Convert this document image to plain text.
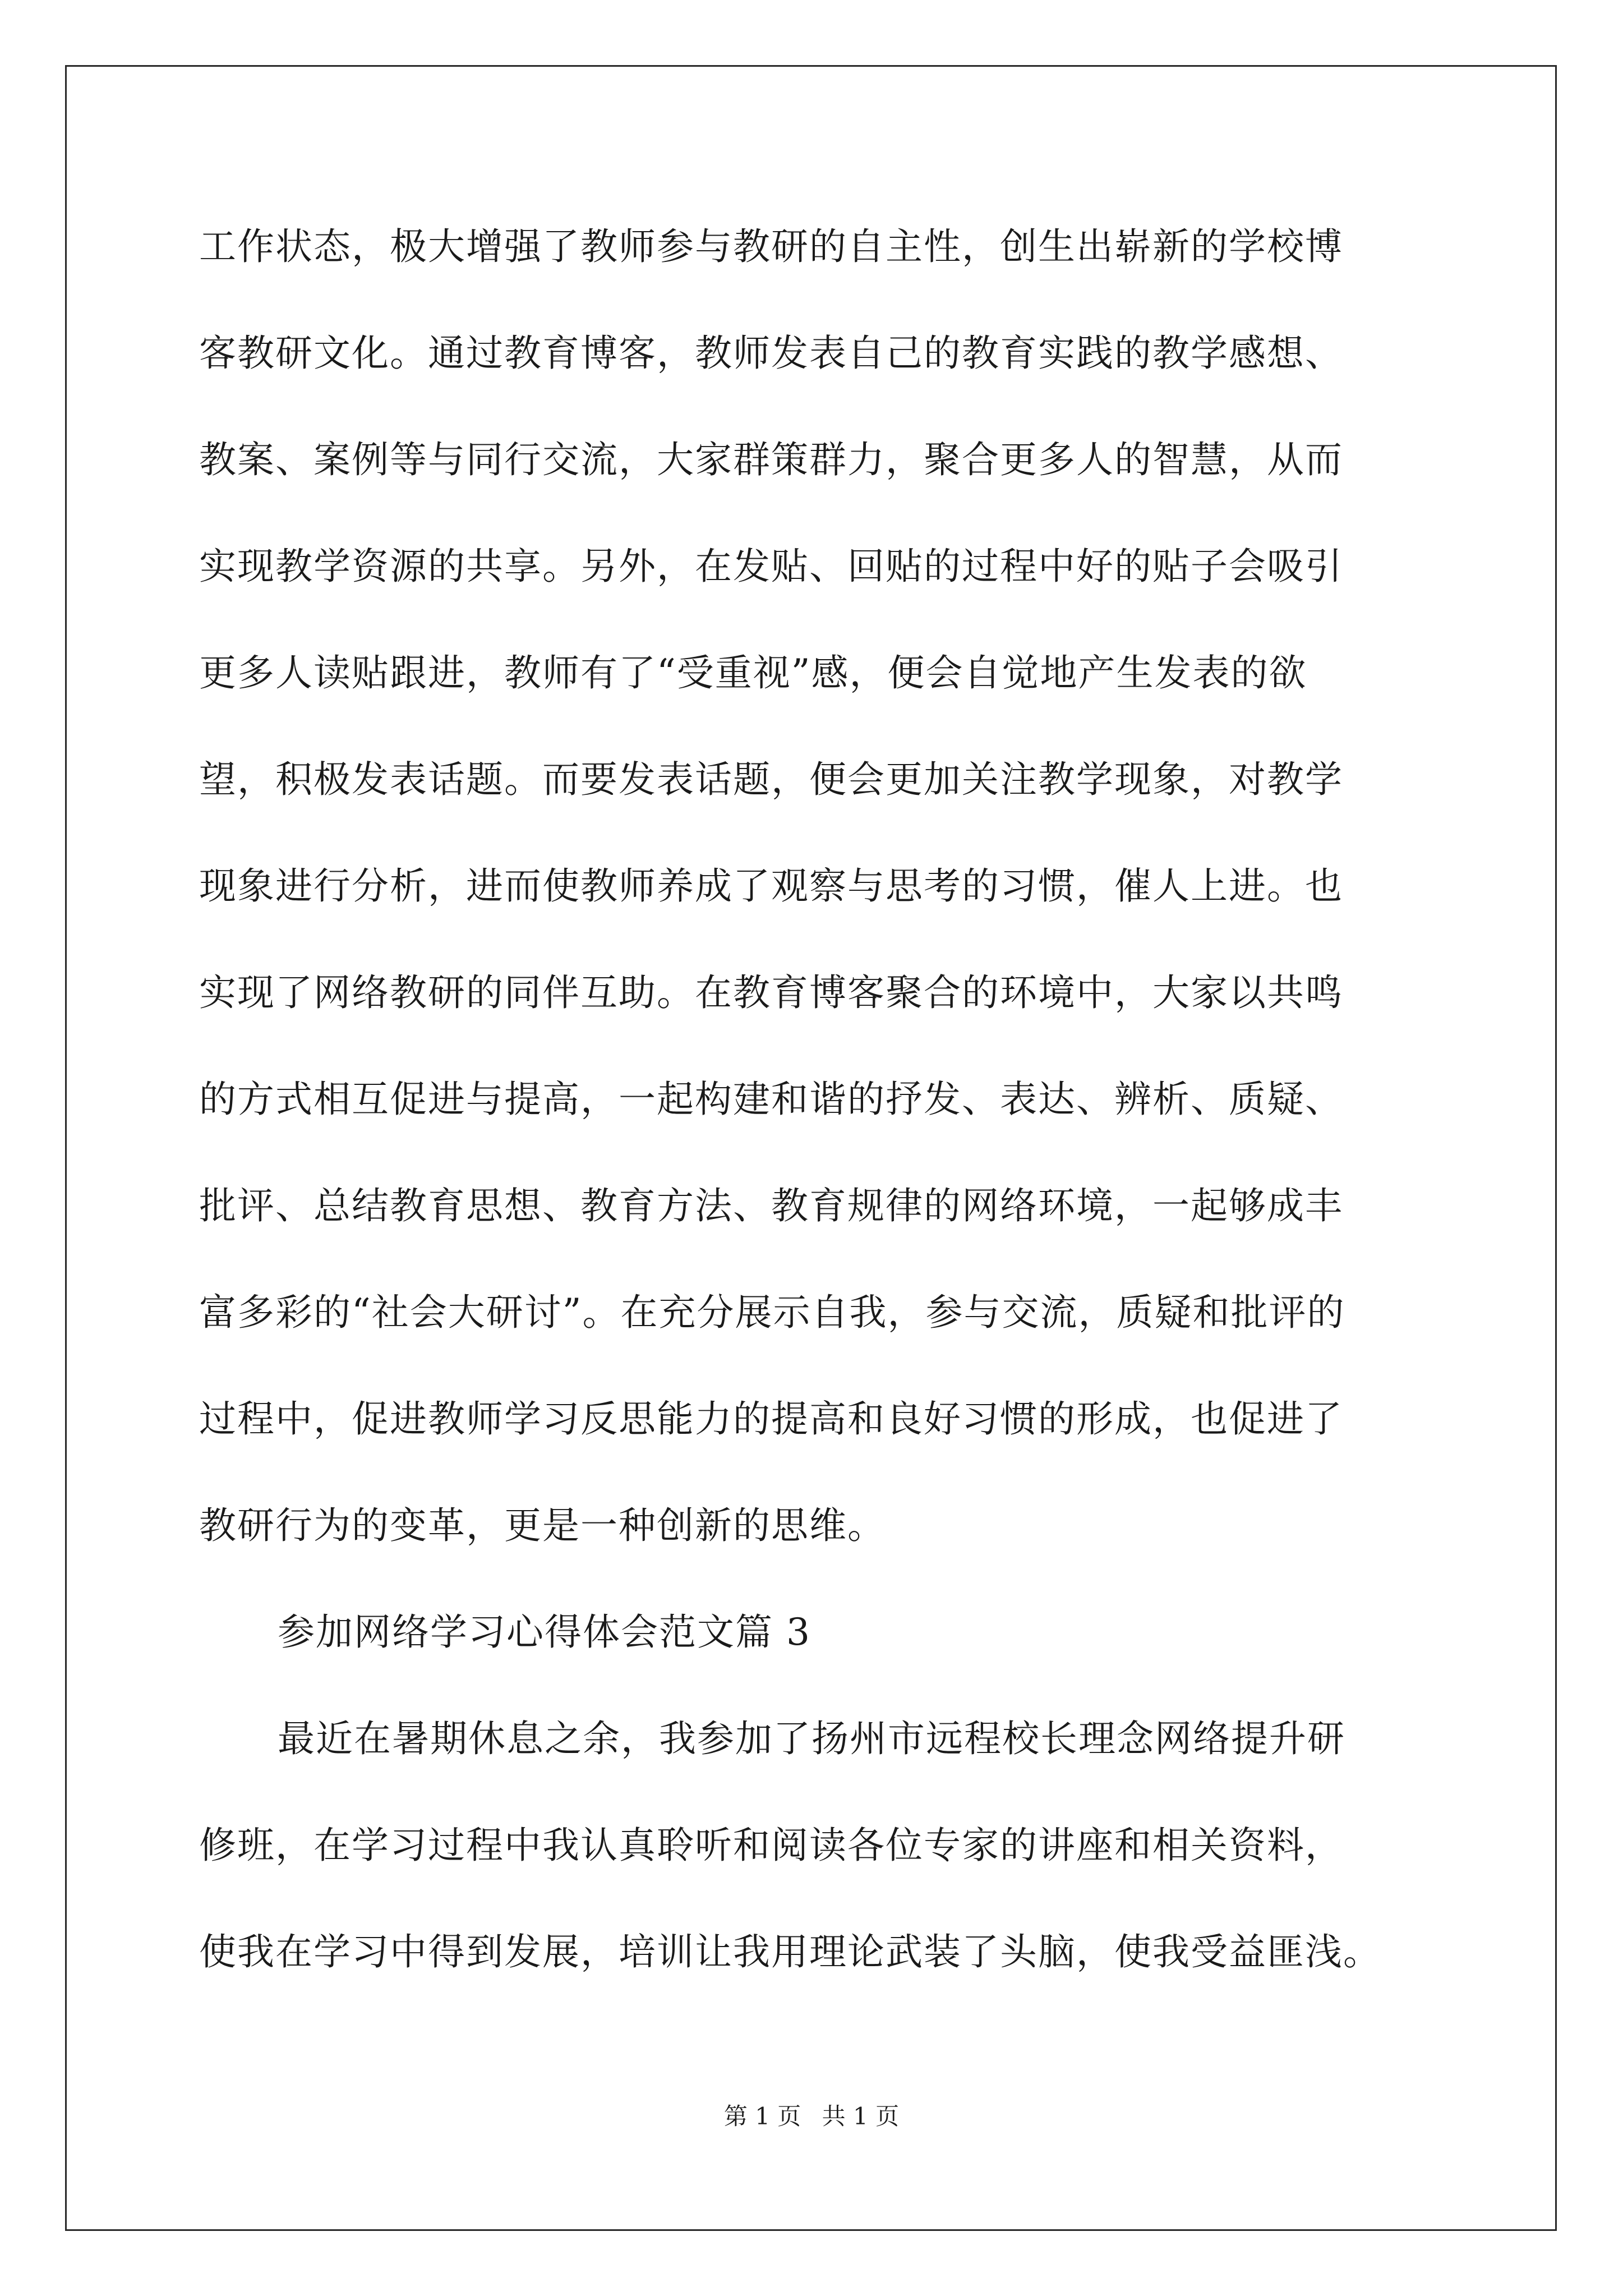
工作状态，极大增强了教师参与教研的自主性，创生出崭新的学校博
客教研文化。通过教育博客，教师发表自己的教育实践的教学感想、
教案、案例等与同行交流，大家群策群力，聚合更多人的智慧，从而
实现教学资源的共享。另外，在发贴、回贴的过程中好的贴子会吸引
更多人读贴跟进，教师有了“受重视”感，便会自觉地产生发表的欲
望，积极发表话题。而要发表话题，便会更加关注教学现象，对教学
现象进行分析，进而使教师养成了观察与思考的习惯，催人上进。也
实现了网络教研的同伴互助。在教育博客聚合的环境中，大家以共鸣
的方式相互促进与提高，一起构建和谐的抒发、表达、辨析、质疑、
批评、总结教育思想、教育方法、教育规律的网络环境，一起够成丰
富多彩的“社会大研讨”。在充分展示自我，参与交流，质疑和批评的
过程中，促进教师学习反思能力的提高和良好习惯的形成，也促进了
教研行为的变革，更是一种创新的思维。
参加网络学习心得体会范文篇 3
最近在暑期休息之余，我参加了扬州市远程校长理念网络提升研
修班，在学习过程中我认真聆听和阅读各位专家的讲座和相关资料，
使我在学习中得到发展，培训让我用理论武装了头脑，使我受益匪浅。
第 1 页 共 1 页
